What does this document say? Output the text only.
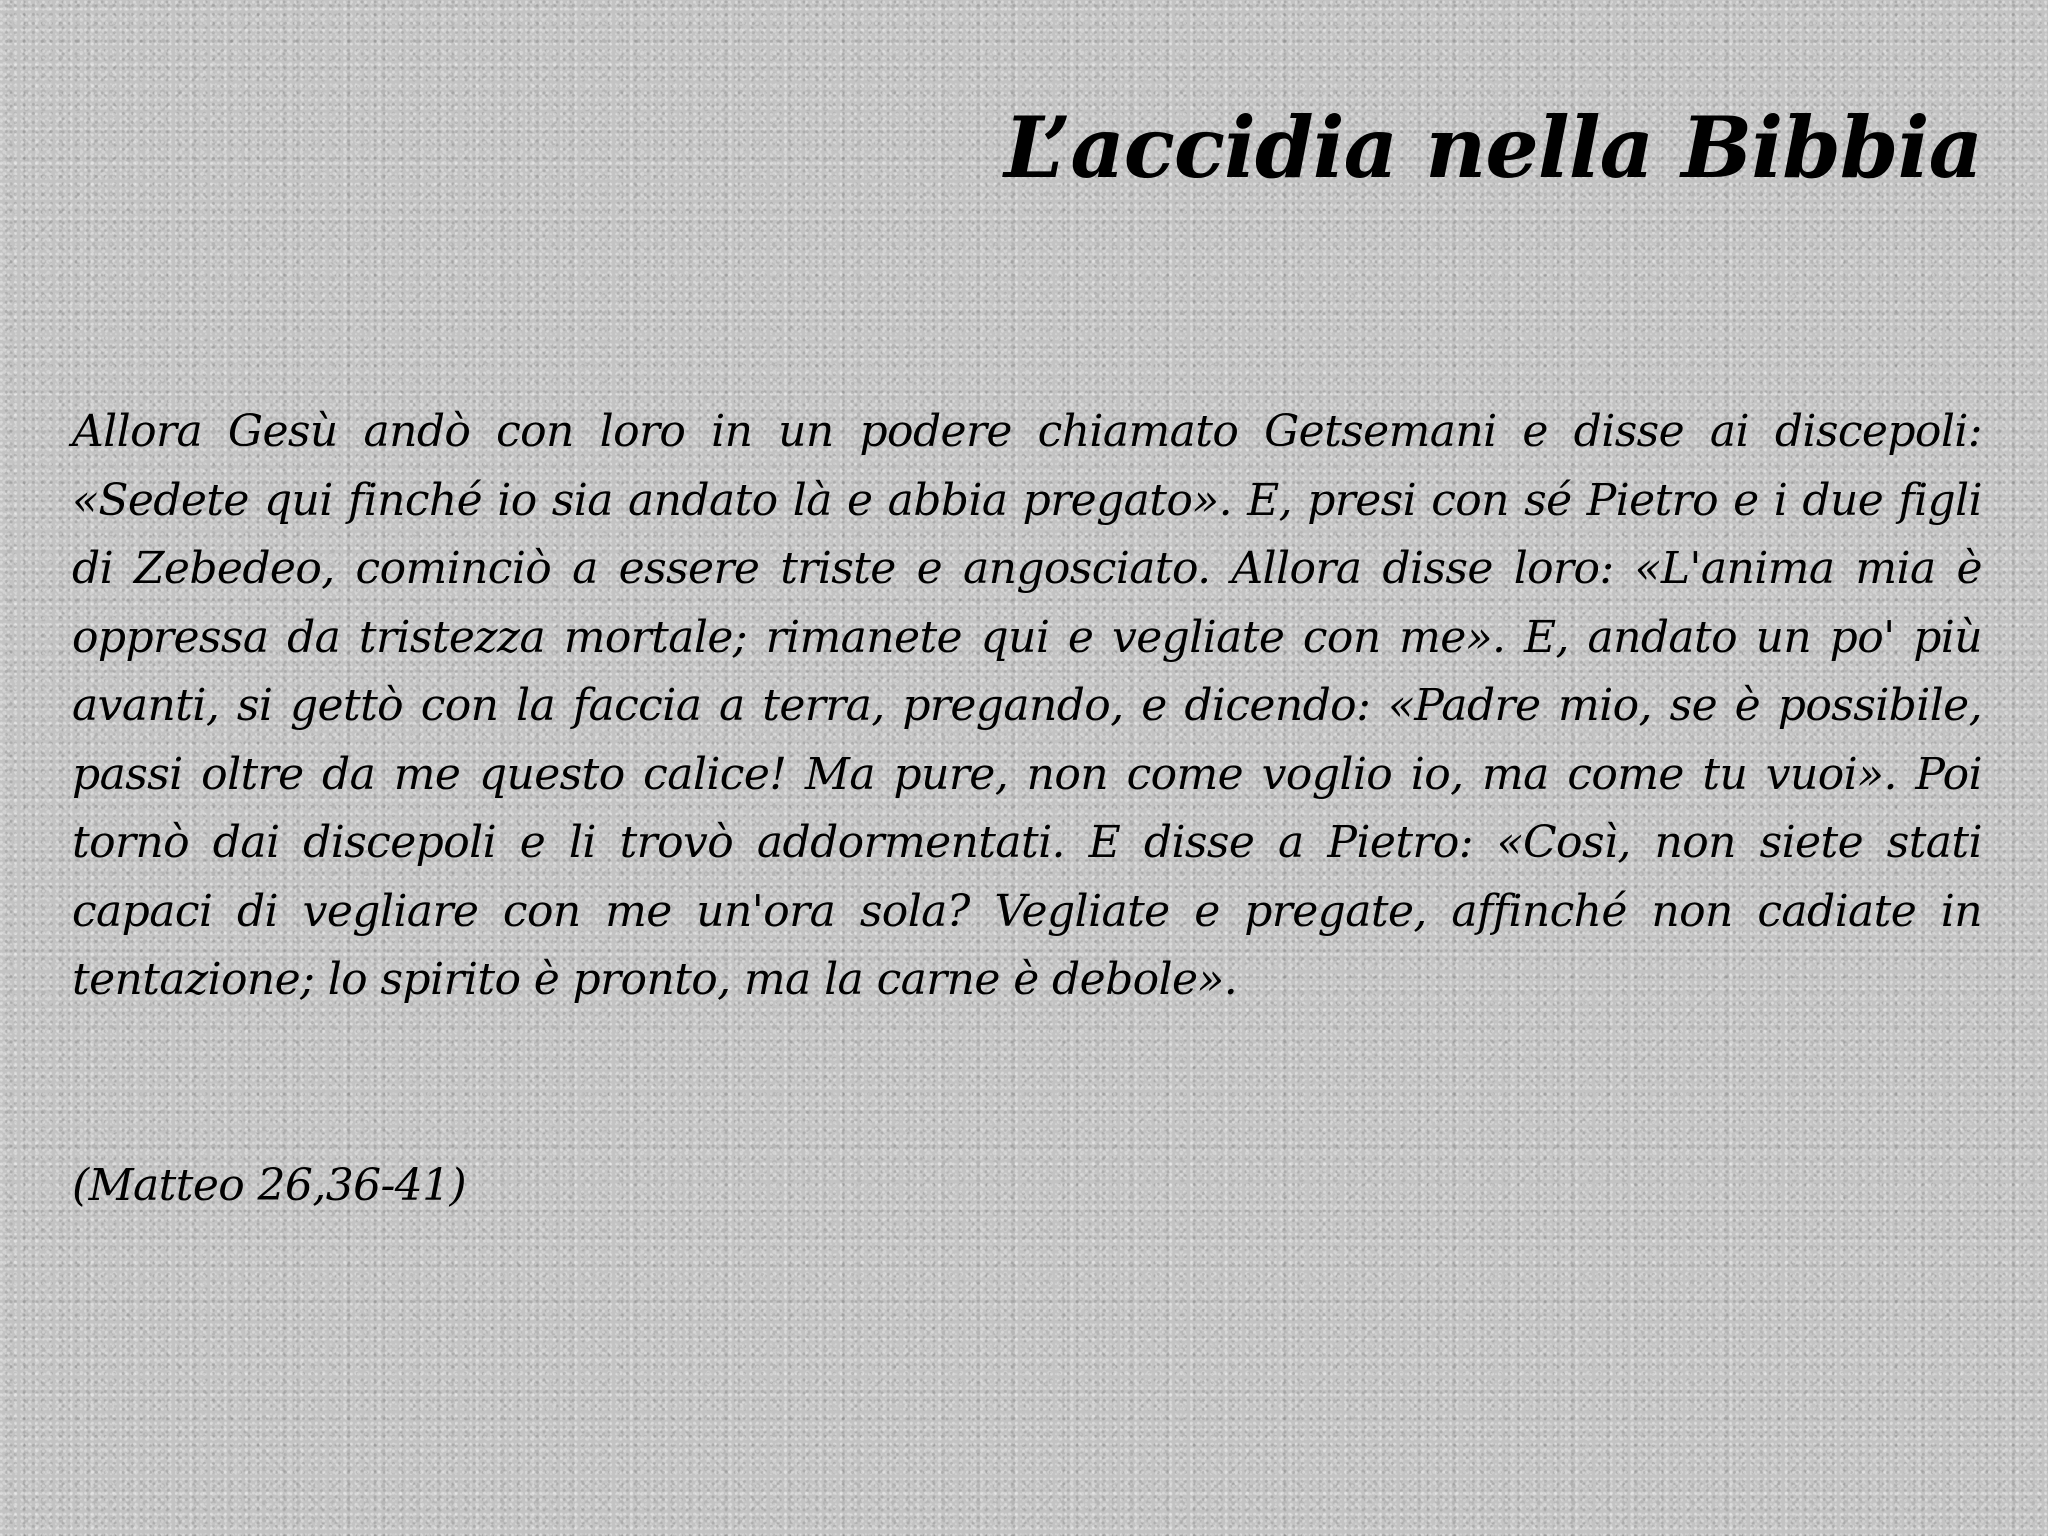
L’accidia nella Bibbia

Allora Gesù andò con loro in un podere chiamato Getsemani e disse ai discepoli: «Sedete qui finché io sia andato là e abbia pregato». E, presi con sé Pietro e i due figli di Zebedeo, cominciò a essere triste e angosciato. Allora disse loro: «L'anima mia è oppressa da tristezza mortale; rimanete qui e vegliate con me». E, andato un po' più avanti, si gettò con la faccia a terra, pregando, e dicendo: «Padre mio, se è possibile, passi oltre da me questo calice! Ma pure, non come voglio io, ma come tu vuoi». Poi tornò dai discepoli e li trovò addormentati. E disse a Pietro: «Così, non siete stati capaci di vegliare con me un'ora sola? Vegliate e pregate, affinché non cadiate in tentazione; lo spirito è pronto, ma la carne è debole».

(Matteo 26,36-41)
